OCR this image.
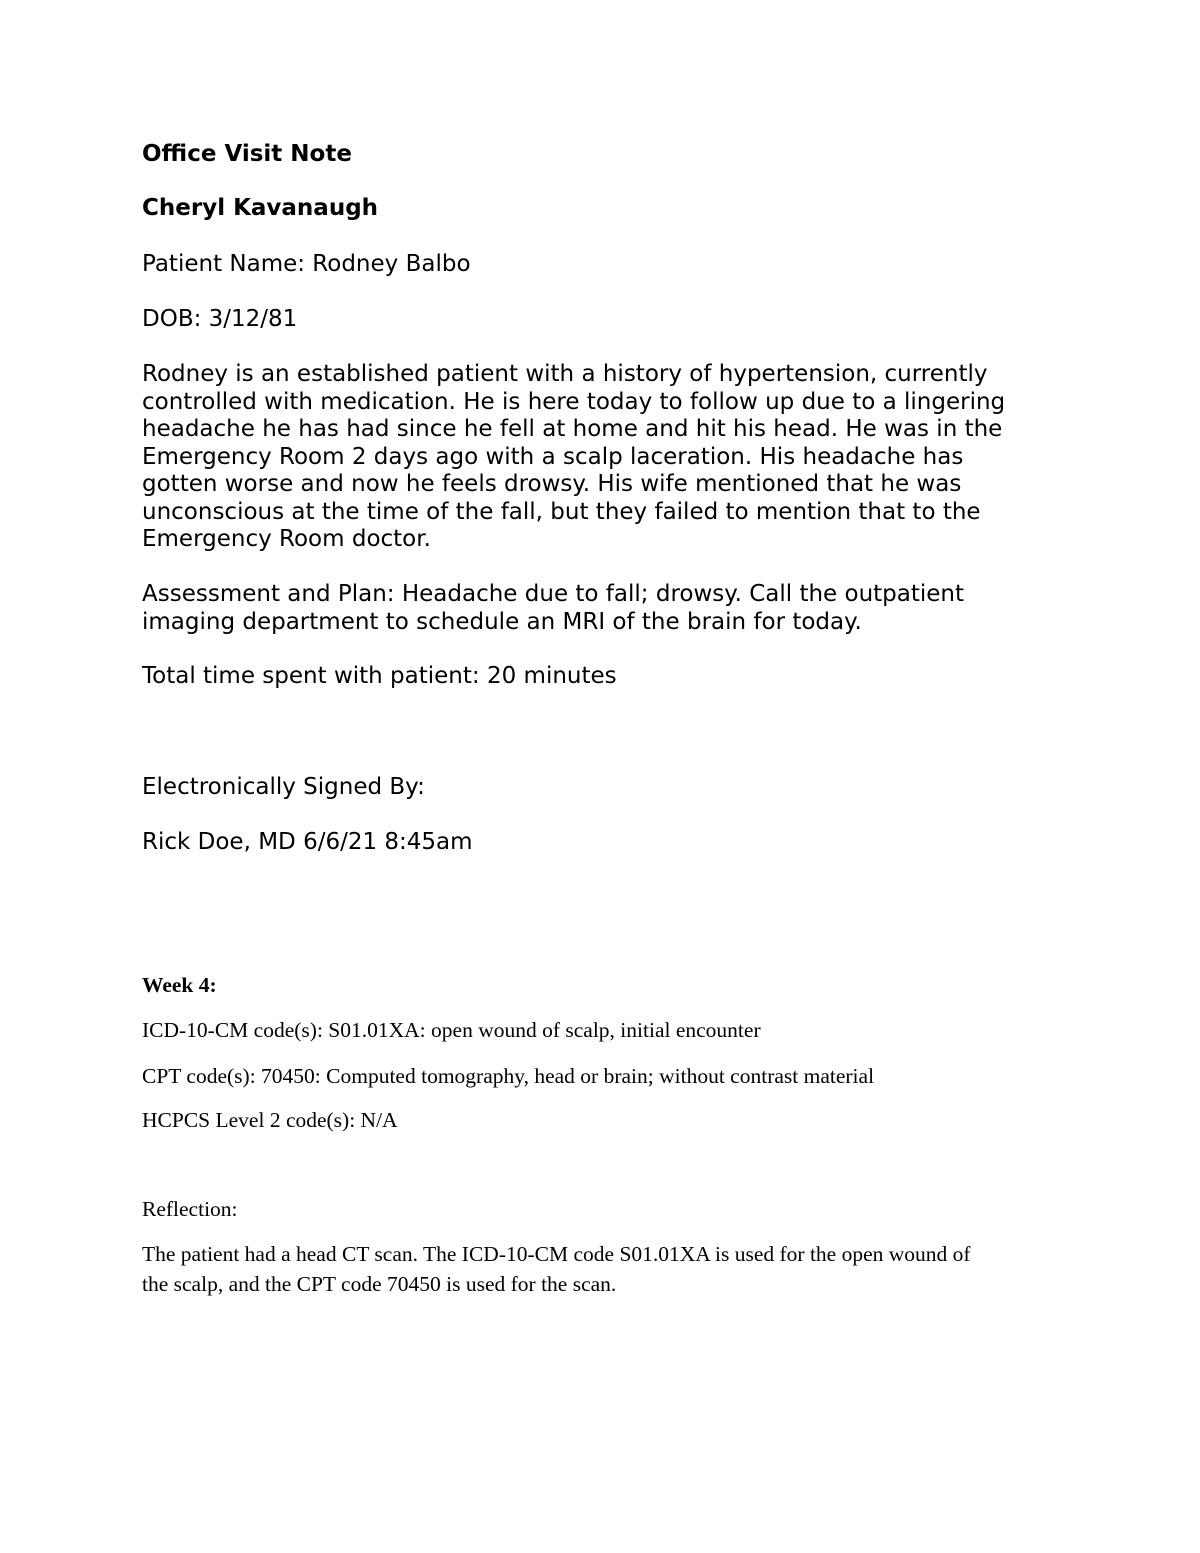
Office Visit Note

Cheryl Kavanaugh

Patient Name: Rodney Balbo

DOB: 3/12/81

Rodney is an established patient with a history of hypertension, currently
controlled with medication. He is here today to follow up due to a lingering
headache he has had since he fell at home and hit his head. He was in the
Emergency Room 2 days ago with a scalp laceration. His headache has
gotten worse and now he feels drowsy. His wife mentioned that he was
unconscious at the time of the fall, but they failed to mention that to the
Emergency Room doctor.
Assessment and Plan: Headache due to fall; drowsy. Call the outpatient
imaging department to schedule an MRI of the brain for today.

Total time spent with patient: 20 minutes

Electronically Signed By:

Rick Doe, MD 6/6/21 8:45am

Week 4:

ICD-10-CM code(s): S01.01XA: open wound of scalp, initial encounter

CPT code(s): 70450: Computed tomography, head or brain; without contrast material

HCPCS Level 2 code(s): N/A

Reflection:

The patient had a head CT scan. The ICD-10-CM code S01.01XA is used for the open wound of
the scalp, and the CPT code 70450 is used for the scan.
